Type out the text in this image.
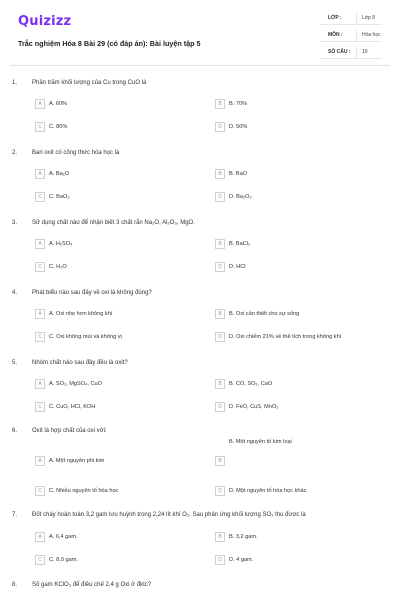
Quizizz
Trắc nghiệm Hóa 8 Bài 29 (có đáp án): Bài luyện tập 5
LỚP :	Lớp 8
MÔN :	Hóa học
SỐ CÂU : 10
1. Phần trăm khối lượng của Cu trong CuO là
A	A. 60%	B	B. 70%
C	C. 80%	D	D. 50%
2. Bari oxit có công thức hóa học là
A	A. Ba₂O	B	B. BaO
C	C. BaO₂	D	D. Ba₂O₂
3. Sử dụng chất nào để nhận biết 3 chất rắn Na₂O, Al₂O₃, MgO.
A	A. H₂SO₄	B	B. BaCl₂
C	C. H₂O	D	D. HCl
4. Phát biểu nào sau đây về oxi là không đúng?
A	A. Oxi nhẹ hơn không khí	B	B. Oxi cần thiết cho sự sống
C	C. Oxi không mùi và không vị	D	D. Oxi chiếm 21% về thể tích trong không khí
5. Nhóm chất nào sau đây đều là oxit?
A	A. SO₂, MgSO₄, CuO	B	B. CO, SO₂, CaO
C	C. CuO, HCl, KOH	D	D. FeO, CuS, MnO₂
6. Oxit là hợp chất của oxi với:
A	A. Một nguyên phi kim	B
B. Một nguyên tố kim loại
C	C. Nhiều nguyên tố hóa học	D	D. Một nguyên tố hóa học khác
7. Đốt cháy hoàn toàn 3,2 gam lưu huỳnh trong 2,24 lít khí O₂. Sau phản ứng khối lượng SO₂ thu được là
A	A. 6,4 gam.	B	B. 3,2 gam.
C	C. 8,0 gam.	D	D. 4 gam.
8. Số gam KClO₃ để điều chế 2,4 g Oxi ở đktc?
